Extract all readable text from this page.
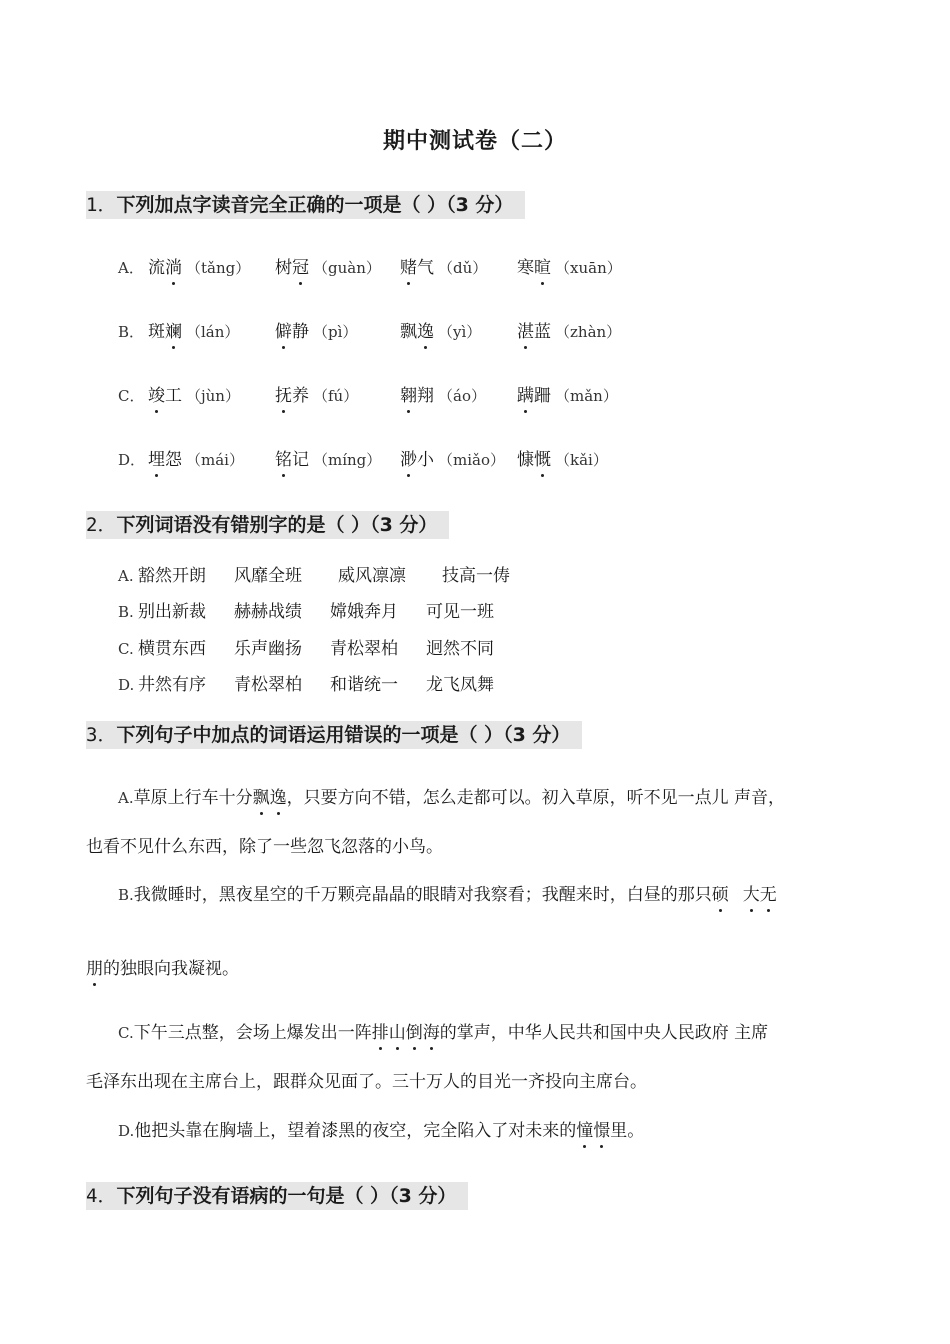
期中测试卷（二）
1．下列加点字读音完全正确的一项是（ ）（3 分）
A． 流淌 （tǎng） 树冠 （guàn） 赌气 （dǔ） 寒暄 （xuān）
B． 斑斓 （lán） 僻静 （pì）	飘逸 （yì） 湛蓝 （zhàn）
C． 竣工 （jùn） 抚养 （fú） 翱翔 （áo） 蹒跚 （mǎn）
D． 埋怨 （mái） 铭记 （míng） 渺小 （miǎo） 慷慨 （kǎi）
2．下列词语没有错别字的是（ ）（3 分）
A. 豁然开朗 风靡全班 威风凛凛 技高一俦
B. 别出新裁 赫赫战绩 嫦娥奔月 可见一班
C. 横贯东西 乐声幽扬 青松翠柏 迥然不同
D. 井然有序 青松翠柏 和谐统一 龙飞凤舞
3．下列句子中加点的词语运用错误的一项是（ ）（3 分）
A.草原上行车十分飘逸，只要方向不错，怎么走都可以。初入草原，听不见一点儿 声音，
也看不见什么东西，除了一些忽飞忽落的小鸟。
B.我微睡时，黑夜星空的千万颗亮晶晶的眼睛对我察看；我醒来时，白昼的那只硕 大无
朋的独眼向我凝视。
C.下午三点整，会场上爆发出一阵排山倒海的掌声，中华人民共和国中央人民政府 主席
毛泽东出现在主席台上，跟群众见面了。三十万人的目光一齐投向主席台。
D.他把头靠在胸墙上，望着漆黑的夜空，完全陷入了对未来的憧憬里。
4．下列句子没有语病的一句是（ ）（3 分）
